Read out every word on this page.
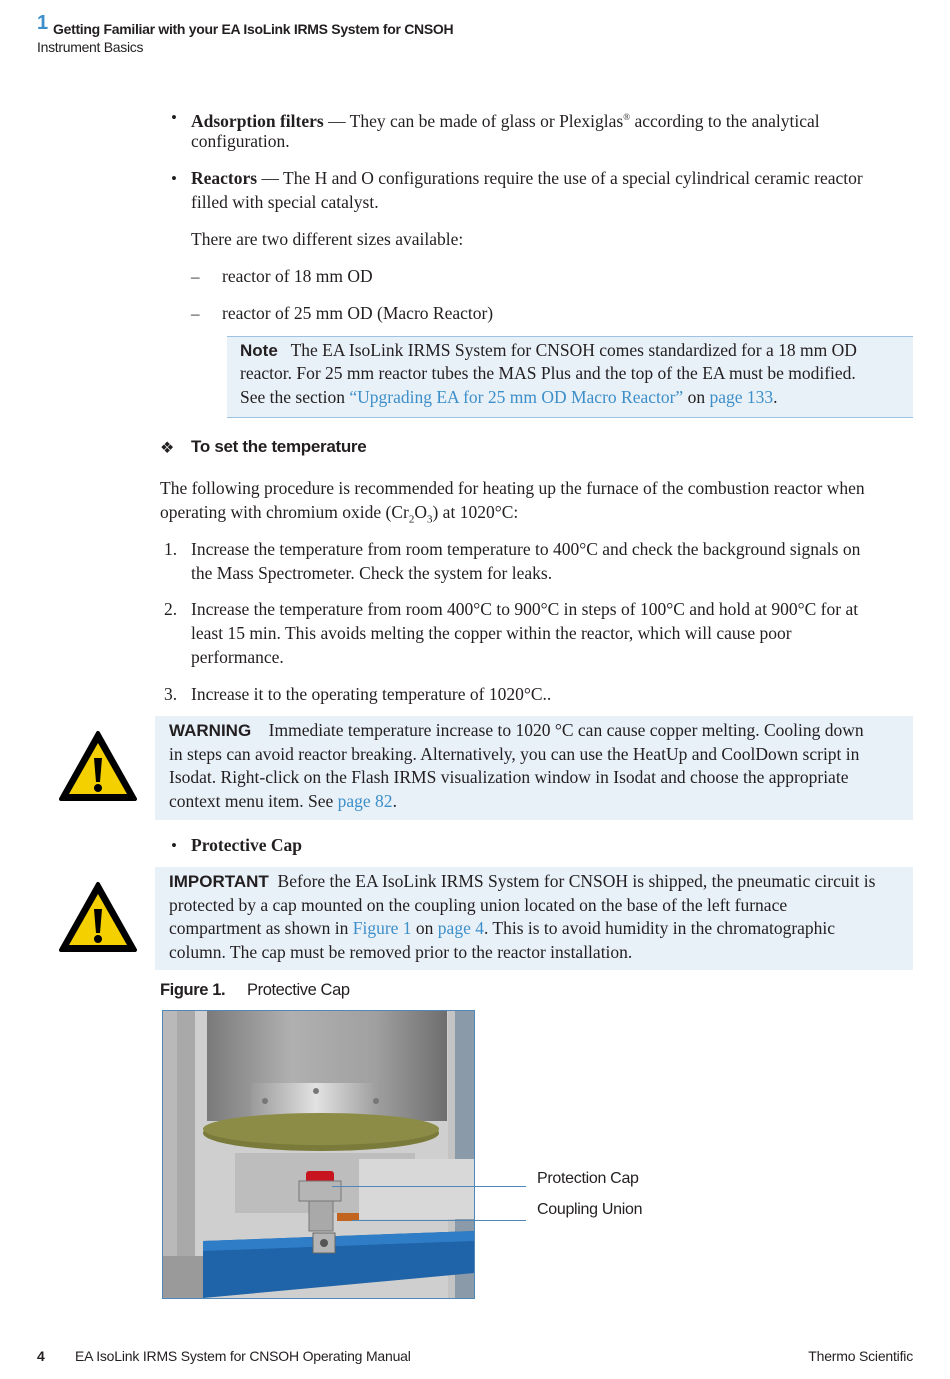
1 Getting Familiar with your EA IsoLink IRMS System for CNSOH
Instrument Basics
• Adsorption filters — They can be made of glass or Plexiglas® according to the analytical
configuration.
• Reactors — The H and O configurations require the use of a special cylindrical ceramic reactor
filled with special catalyst.
There are two different sizes available:
– reactor of 18 mm OD
– reactor of 25 mm OD (Macro Reactor)
Note The EA IsoLink IRMS System for CNSOH comes standardized for a 18 mm OD
reactor. For 25 mm reactor tubes the MAS Plus and the top of the EA must be modified.
See the section “Upgrading EA for 25 mm OD Macro Reactor” on page 133.
❖ To set the temperature
The following procedure is recommended for heating up the furnace of the combustion reactor when
operating with chromium oxide $(Cr_2O_3)$ at 1020°C:
1. Increase the temperature from room temperature to 400°C and check the background signals on
the Mass Spectrometer. Check the system for leaks.
2. Increase the temperature from room 400°C to 900°C in steps of 100°C and hold at 900°C for at
least 15 min. This avoids melting the copper within the reactor, which will cause poor
performance.
3. Increase it to the operating temperature of 1020°C..
WARNING Immediate temperature increase to 1020 °C can cause copper melting. Cooling down
in steps can avoid reactor breaking. Alternatively, you can use the HeatUp and CoolDown script in
Isodat. Right-click on the Flash IRMS visualization window in Isodat and choose the appropriate
context menu item. See page 82.
• Protective Cap
IMPORTANT Before the EA IsoLink IRMS System for CNSOH is shipped, the pneumatic circuit is
protected by a cap mounted on the coupling union located on the base of the left furnace
compartment as shown in Figure 1 on page 4. This is to avoid humidity in the chromatographic
column. The cap must be removed prior to the reactor installation.
Figure 1. Protective Cap
Protection Cap
Coupling Union
4 EA IsoLink IRMS System for CNSOH Operating Manual	Thermo Scientific
